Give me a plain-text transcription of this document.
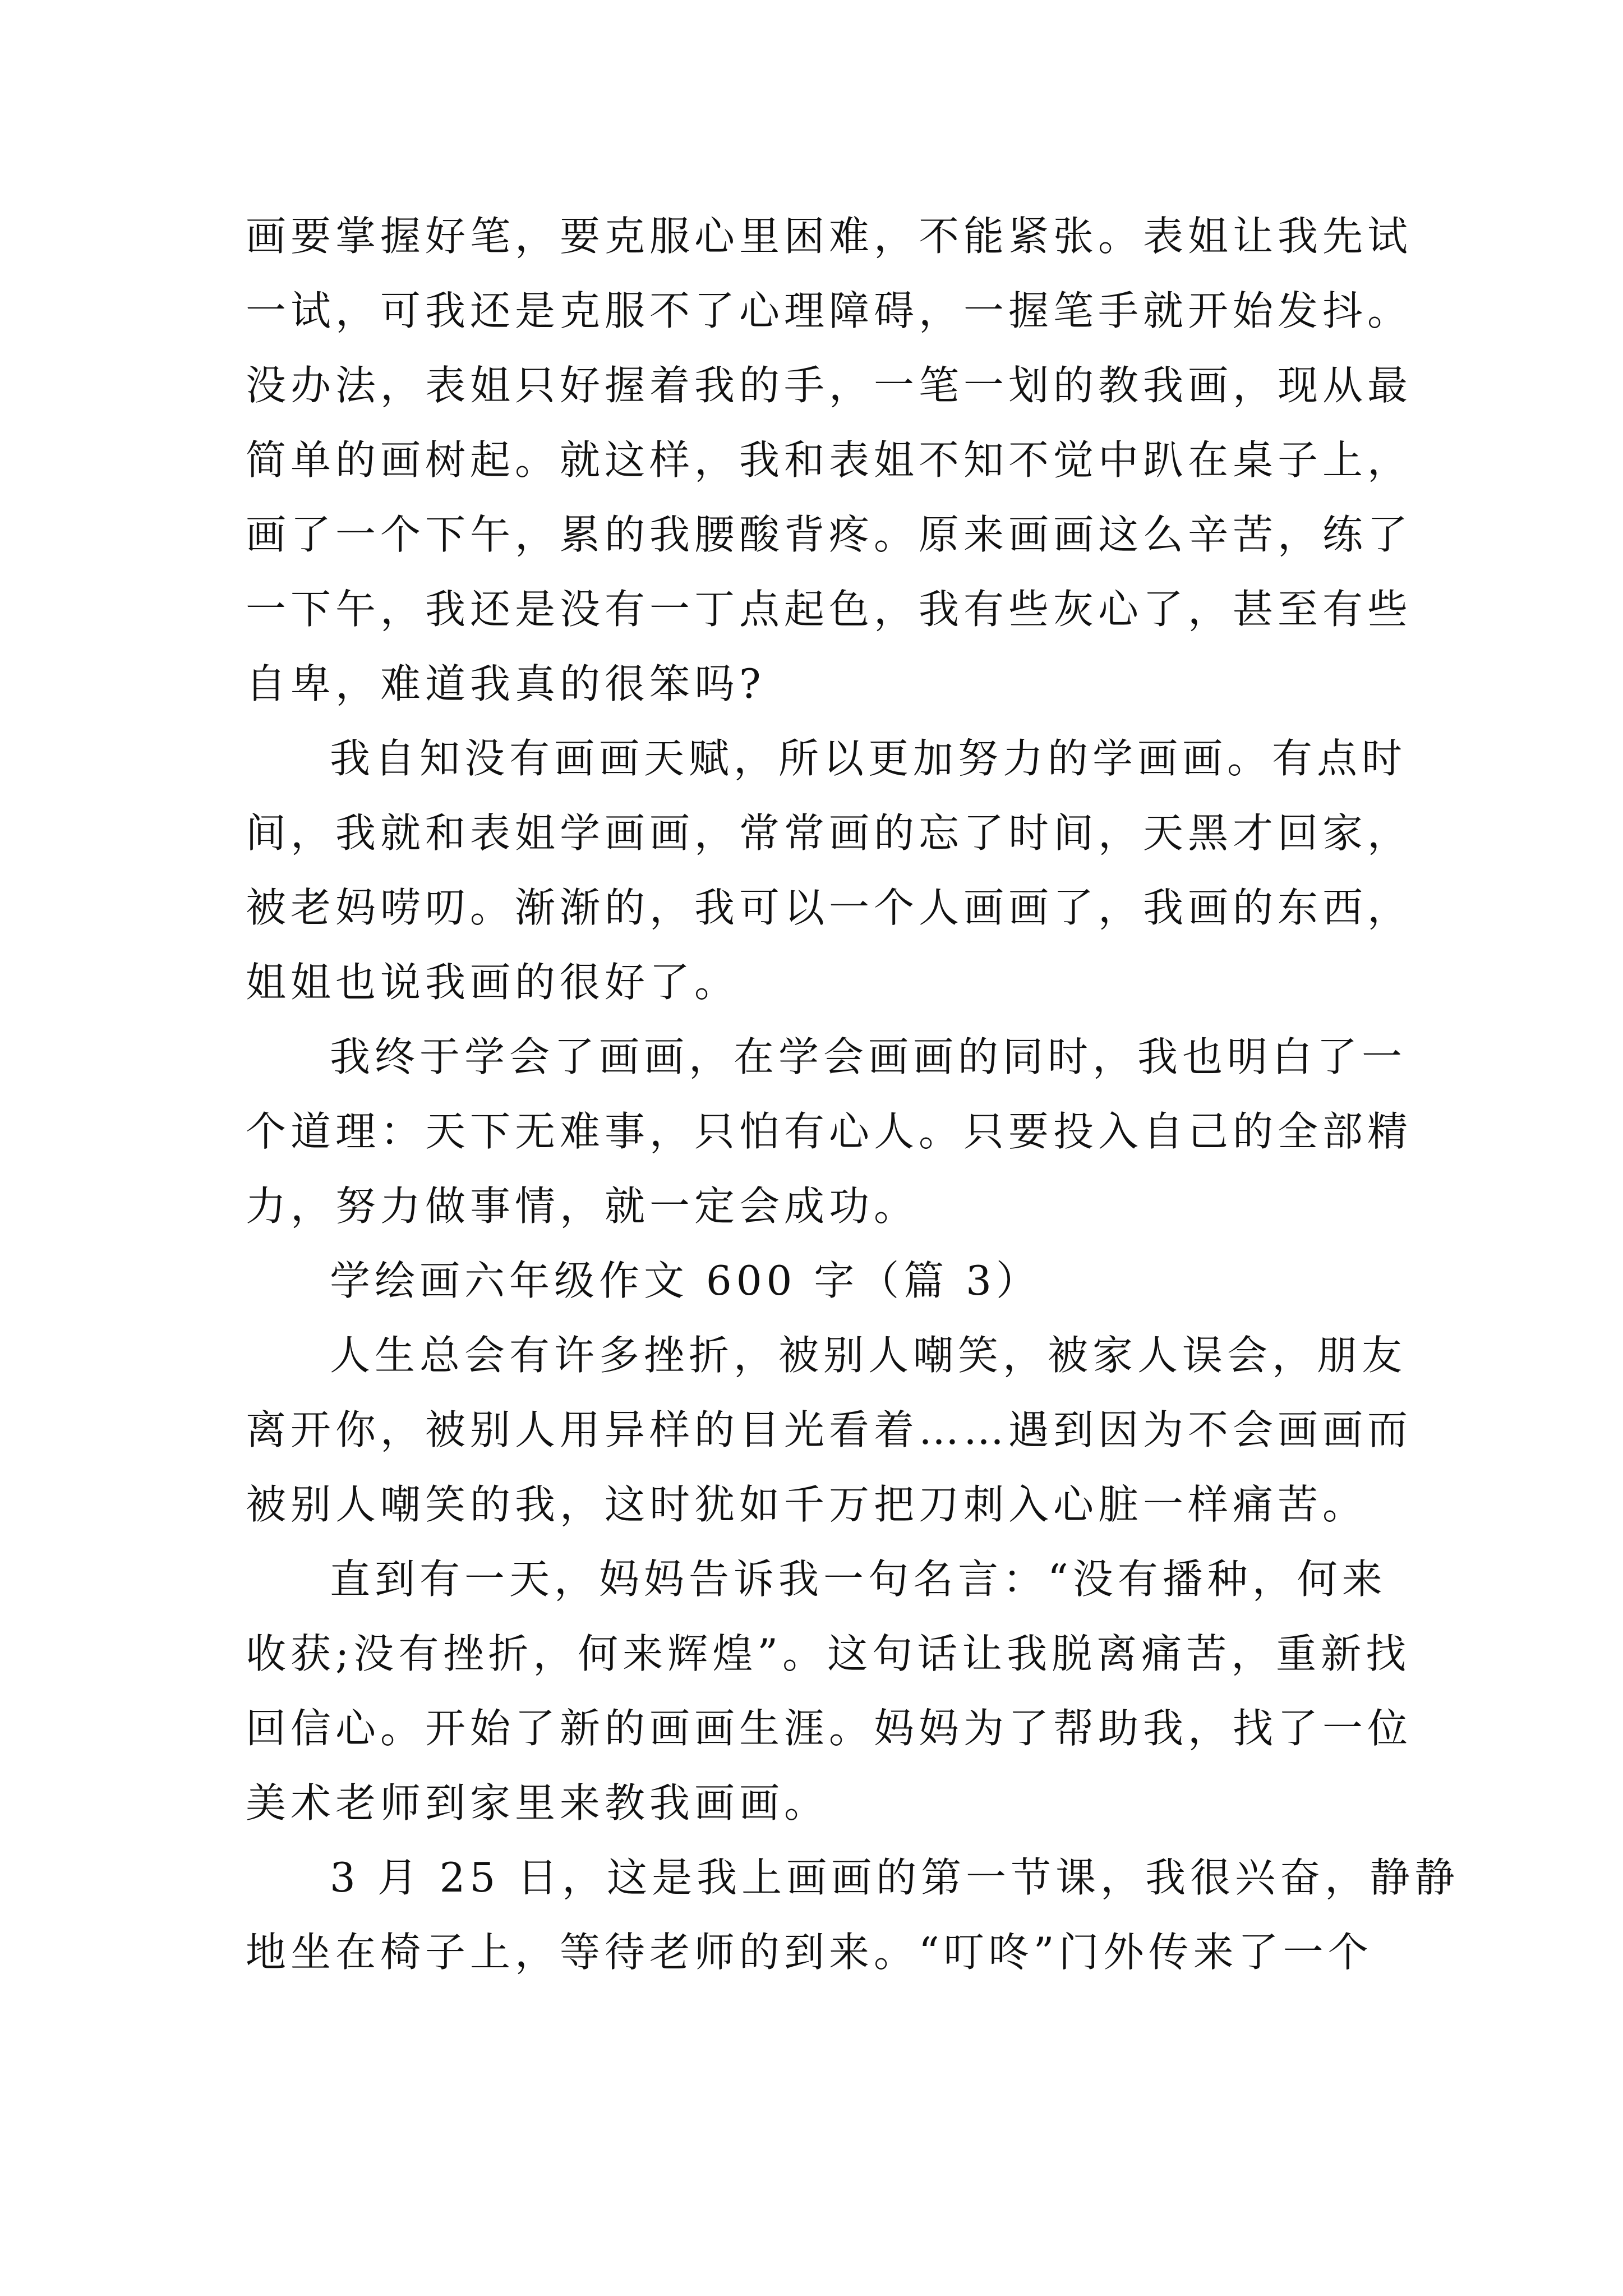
画要掌握好笔，要克服心里困难，不能紧张。表姐让我先试
一试，可我还是克服不了心理障碍，一握笔手就开始发抖。
没办法，表姐只好握着我的手，一笔一划的教我画，现从最
简单的画树起。就这样，我和表姐不知不觉中趴在桌子上，
画了一个下午，累的我腰酸背疼。原来画画这么辛苦，练了
一下午，我还是没有一丁点起色，我有些灰心了，甚至有些
自卑，难道我真的很笨吗?
我自知没有画画天赋，所以更加努力的学画画。有点时
间，我就和表姐学画画，常常画的忘了时间，天黑才回家，
被老妈唠叨。渐渐的，我可以一个人画画了，我画的东西，
姐姐也说我画的很好了。
我终于学会了画画，在学会画画的同时，我也明白了一
个道理：天下无难事，只怕有心人。只要投入自己的全部精
力，努力做事情，就一定会成功。
学绘画六年级作文 600 字（篇 3）
人生总会有许多挫折，被别人嘲笑，被家人误会，朋友
离开你，被别人用异样的目光看着……遇到因为不会画画而
被别人嘲笑的我，这时犹如千万把刀刺入心脏一样痛苦。
直到有一天，妈妈告诉我一句名言：“没有播种，何来
收获;没有挫折，何来辉煌”。这句话让我脱离痛苦，重新找
回信心。开始了新的画画生涯。妈妈为了帮助我，找了一位
美术老师到家里来教我画画。
3 月 25 日，这是我上画画的第一节课，我很兴奋，静静
地坐在椅子上，等待老师的到来。“叮咚”门外传来了一个
